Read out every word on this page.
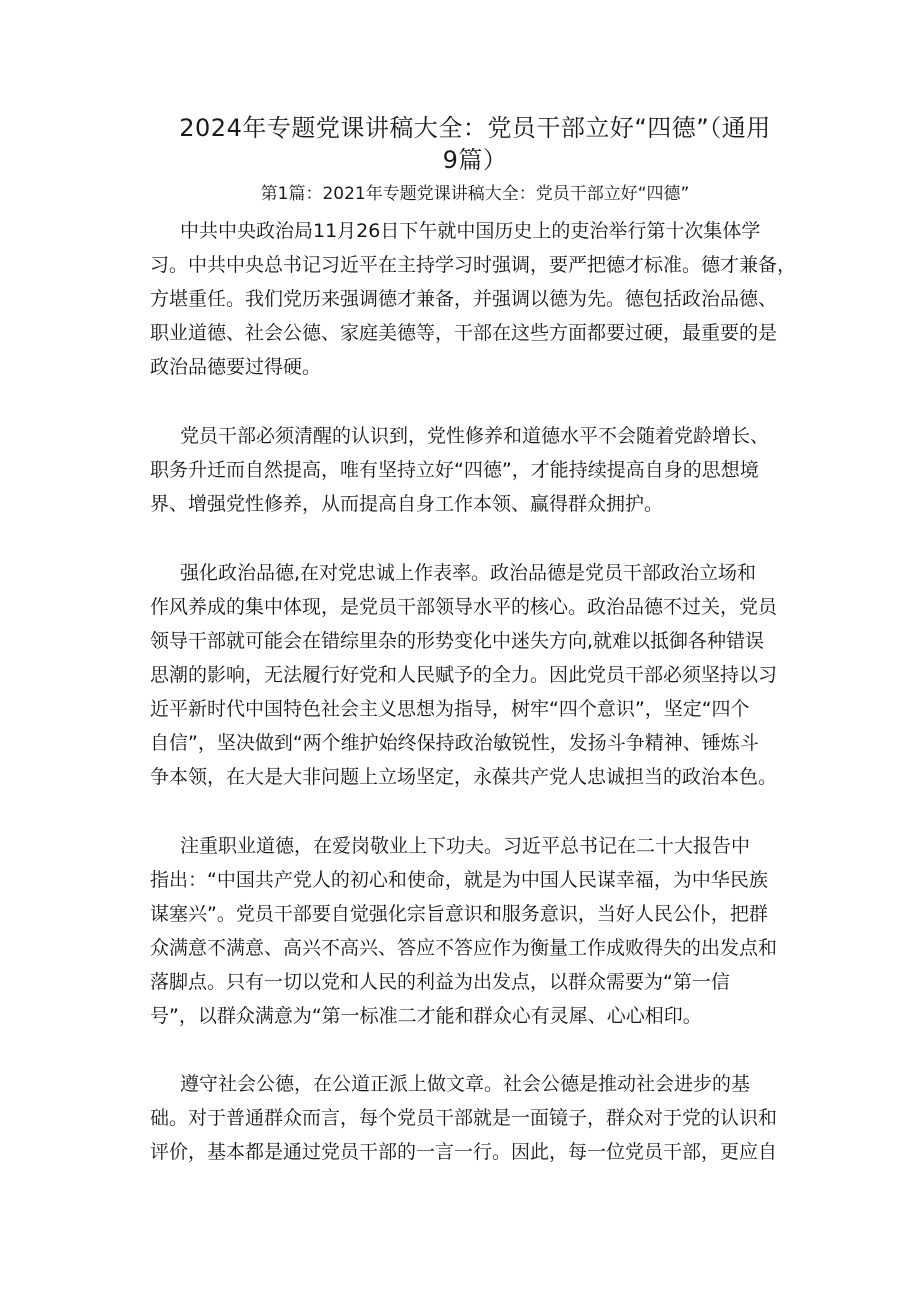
2024年专题党课讲稿大全：党员干部立好“四德”（通用
9篇）
第1篇：2021年专题党课讲稿大全：党员干部立好“四德”
中共中央政治局11月26日下午就中国历史上的吏治举行第十次集体学
习。中共中央总书记习近平在主持学习时强调，要严把德才标准。德才兼备，
方堪重任。我们党历来强调德才兼备，并强调以德为先。德包括政治品德、
职业道德、社会公德、家庭美德等，干部在这些方面都要过硬，最重要的是
政治品德要过得硬。
党员干部必须清醒的认识到，党性修养和道德水平不会随着党龄增长、
职务升迁而自然提高，唯有坚持立好“四德”，才能持续提高自身的思想境
界、增强党性修养，从而提高自身工作本领、赢得群众拥护。
强化政治品德,在对党忠诚上作表率。政治品德是党员干部政治立场和
作风养成的集中体现，是党员干部领导水平的核心。政治品德不过关，党员
领导干部就可能会在错综里杂的形势变化中迷失方向,就难以抵御各种错误
思潮的影响，无法履行好党和人民赋予的全力。因此党员干部必须坚持以习
近平新时代中国特色社会主义思想为指导，树牢“四个意识”，坚定“四个
自信”，坚决做到“两个维护始终保持政治敏锐性，发扬斗争精神、锤炼斗
争本领，在大是大非问题上立场坚定，永葆共产党人忠诚担当的政治本色。
注重职业道德，在爱岗敬业上下功夫。习近平总书记在二十大报告中
指出：“中国共产党人的初心和使命，就是为中国人民谋幸福，为中华民族
谋塞兴”。党员干部要自觉强化宗旨意识和服务意识，当好人民公仆，把群
众满意不满意、高兴不高兴、答应不答应作为衡量工作成败得失的出发点和
落脚点。只有一切以党和人民的利益为出发点，以群众需要为“第一信
号”，以群众满意为“第一标准二才能和群众心有灵犀、心心相印。
遵守社会公德，在公道正派上做文章。社会公德是推动社会进步的基
础。对于普通群众而言，每个党员干部就是一面镜子，群众对于党的认识和
评价，基本都是通过党员干部的一言一行。因此，每一位党员干部，更应自
